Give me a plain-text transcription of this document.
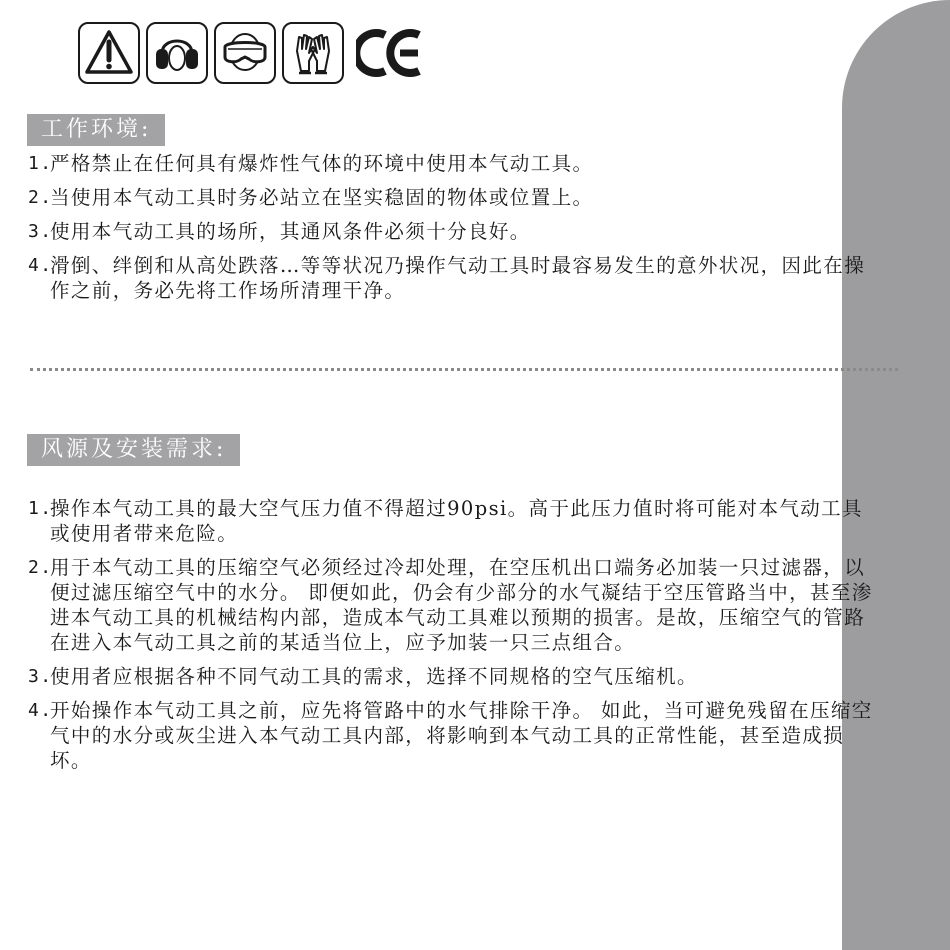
工作环境:
1.
严格禁止在任何具有爆炸性气体的环境中使用本气动工具。
2.
当使用本气动工具时务必站立在坚实稳固的物体或位置上。
3.
使用本气动工具的场所，其通风条件必须十分良好。
4.
滑倒、绊倒和从高处跌落…等等状况乃操作气动工具时最容易发生的意外状况，因此在操作之前，务必先将工作场所清理干净。
风源及安装需求:
1.
操作本气动工具的最大空气压力值不得超过90psi。高于此压力值时将可能对本气动工具或使用者带来危险。
2.
用于本气动工具的压缩空气必须经过冷却处理，在空压机出口端务必加装一只过滤器，以便过滤压缩空气中的水分。 即便如此，仍会有少部分的水气凝结于空压管路当中，甚至渗进本气动工具的机械结构内部，造成本气动工具难以预期的损害。是故，压缩空气的管路在进入本气动工具之前的某适当位上，应予加装一只三点组合。
3.
使用者应根据各种不同气动工具的需求，选择不同规格的空气压缩机。
4.
开始操作本气动工具之前，应先将管路中的水气排除干净。 如此，当可避免残留在压缩空气中的水分或灰尘进入本气动工具内部，将影响到本气动工具的正常性能，甚至造成损坏。
